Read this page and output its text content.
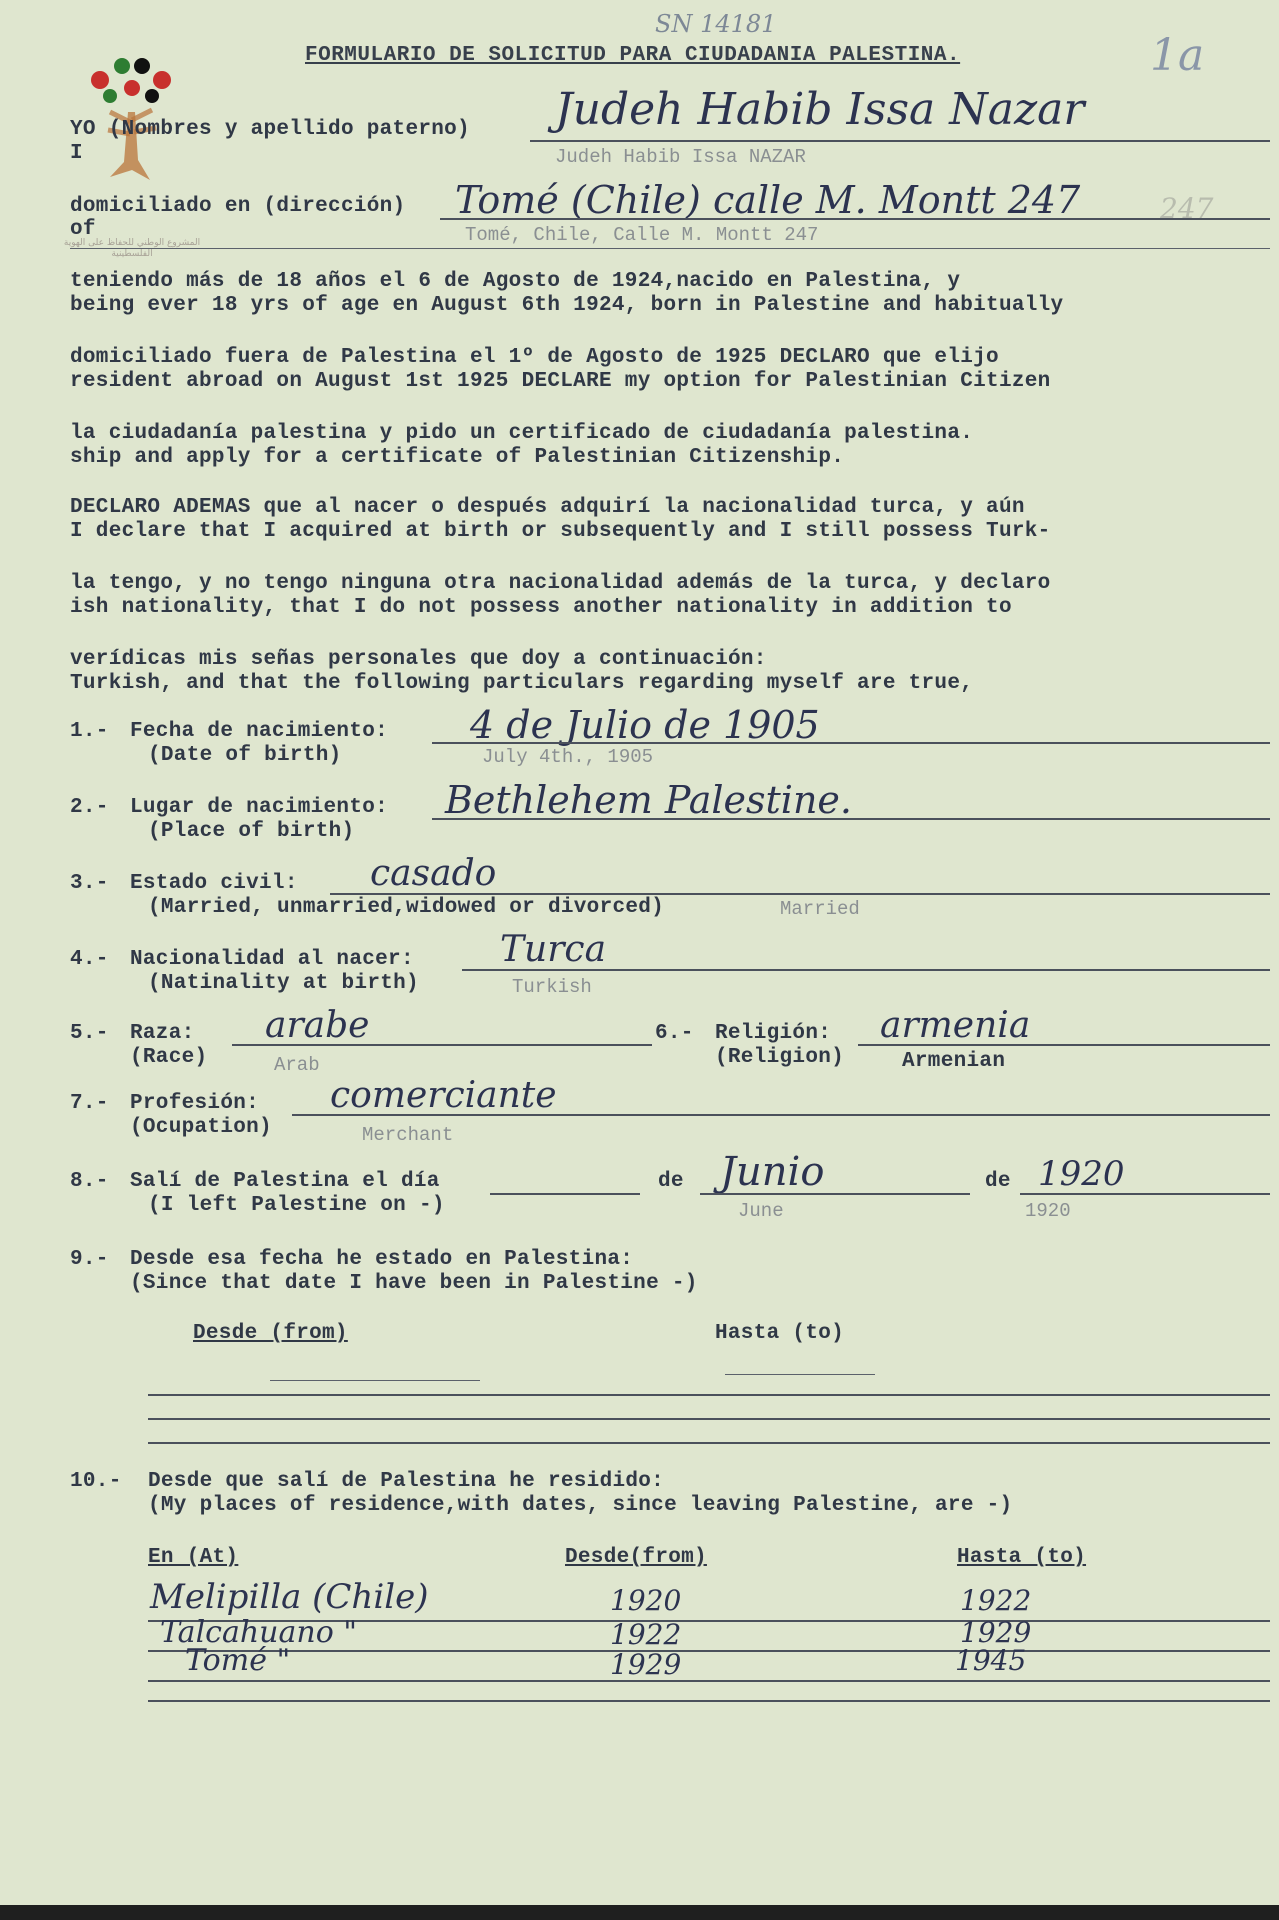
المشروع الوطني للحفاظ على الهوية الفلسطينية
SN 14181
FORMULARIO DE SOLICITUD PARA CIUDADANIA PALESTINA.	1a
YO (Nombres y apellido paterno)
I
Judeh Habib Issa Nazar
Judeh Habib Issa NAZAR
domiciliado en (dirección)
of
Tomé (Chile) calle M. Montt 247	247
Tomé, Chile, Calle M. Montt 247
teniendo más de 18 años el 6 de Agosto de 1924,nacido en Palestina, y
being ever 18 yrs of age en August 6th 1924, born in Palestine and habitually
domiciliado fuera de Palestina el 1º de Agosto de 1925 DECLARO que elijo
resident abroad on August 1st 1925 DECLARE my option for Palestinian Citizen
la ciudadanía palestina y pido un certificado de ciudadanía palestina.
ship and apply for a certificate of Palestinian Citizenship.
DECLARO ADEMAS que al nacer o después adquirí la nacionalidad turca, y aún
I declare that I acquired at birth or subsequently and I still possess Turk-
la tengo, y no tengo ninguna otra nacionalidad además de la turca, y declaro
ish nationality, that I do not possess another nationality in addition to
verídicas mis señas personales que doy a continuación:
Turkish, and that the following particulars regarding myself are true,
1.- Fecha de nacimiento:
(Date of birth)
4 de Julio de 1905
July 4th., 1905
2.- Lugar de nacimiento:
(Place of birth)
Bethlehem Palestine.
3.- Estado civil:
(Married, unmarried,widowed or divorced)
casado
Married
4.- Nacionalidad al nacer:
(Natinality at birth)
Turca
Turkish
5.- Raza:
(Race)
arabe
Arab
6.- Religión:
(Religion)
armenia
Armenian
7.- Profesión:
(Ocupation)
comerciante
Merchant
8.- Salí de Palestina el día
(I left Palestine on -)
de Junio
June
de 1920
1920
9.- Desde esa fecha he estado en Palestina:
(Since that date I have been in Palestine -)
Desde (from)	Hasta (to)
10.- Desde que salí de Palestina he residido:
(My places of residence,with dates, since leaving Palestine, are -)
En (At)	Desde(from)	Hasta (to)
Melipilla (Chile)	1920	1922
Talcahuano "	1922	1929
Tomé "	1929	1945
